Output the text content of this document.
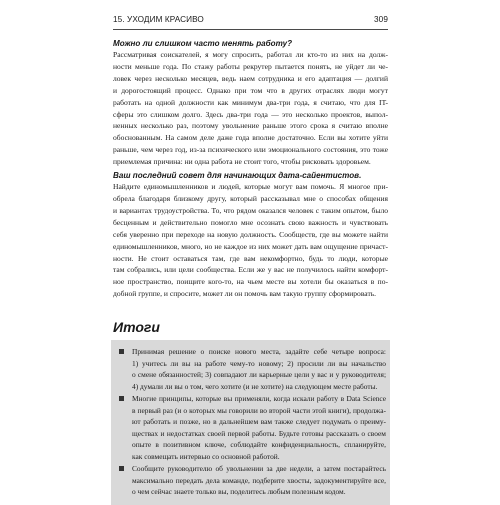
15. УХОДИМ КРАСИВО	309
Можно ли слишком часто менять работу?

Рассматривая соискателей, я могу спросить, работал ли кто-то из них на долж-
ности меньше года. По стажу работы рекрутер пытается понять, не уйдет ли че-
ловек через несколько месяцев, ведь наем сотрудника и его адаптация — долгий
и дорогостоящий процесс. Однако при том что в других отраслях люди могут
работать на одной должности как минимум два-три года, я считаю, что для IT-
сферы это слишком долго. Здесь два-три года — это несколько проектов, выпол-
ненных несколько раз, поэтому увольнение раньше этого срока я считаю вполне
обоснованным. На самом деле даже года вполне достаточно. Если вы хотите уйти
раньше, чем через год, из-за психического или эмоционального состояния, это тоже
приемлемая причина: ни одна работа не стоит того, чтобы рисковать здоровьем.

Ваш последний совет для начинающих дата-сайентистов.

Найдите единомышленников и людей, которые могут вам помочь. Я многое при-
обрела благодаря близкому другу, который рассказывал мне о способах общения
и вариантах трудоустройства. То, что рядом оказался человек с таким опытом, было
бесценным и действительно помогло мне осознать свою важность и чувствовать
себя уверенно при переходе на новую должность. Сообществ, где вы можете найти
единомышленников, много, но не каждое из них может дать вам ощущение причаст-
ности. Не стоит оставаться там, где вам некомфортно, будь то люди, которые
там собрались, или цели сообщества. Если же у вас не получилось найти комфорт-
ное пространство, поищите кого-то, на чьем месте вы хотели бы оказаться в по-
добной группе, и спросите, может ли он помочь вам такую группу сформировать.

Итоги
Принимая решение о поиске нового места, задайте себе четыре вопроса:
1) учитесь ли вы на работе чему-то новому; 2) просили ли вы начальство
о смене обязанностей; 3) совпадают ли карьерные цели у вас и у руководителя;
4) думали ли вы о том, чего хотите (и не хотите) на следующем месте работы.
Многие принципы, которые вы применяли, когда искали работу в Data Science
в первый раз (и о которых мы говорили во второй части этой книги), продолжа-
ют работать и позже, но в дальнейшем вам также следует подумать о преиму-
ществах и недостатках своей первой работы. Будьте готовы рассказать о своем
опыте в позитивном ключе, соблюдайте конфиденциальность, спланируйте,
как совмещать интервью со основной работой.
Сообщите руководителю об увольнении за две недели, а затем постарайтесь
максимально передать дела команде, подберите хвосты, задокументируйте все,
о чем сейчас знаете только вы, поделитесь любым полезным кодом.
